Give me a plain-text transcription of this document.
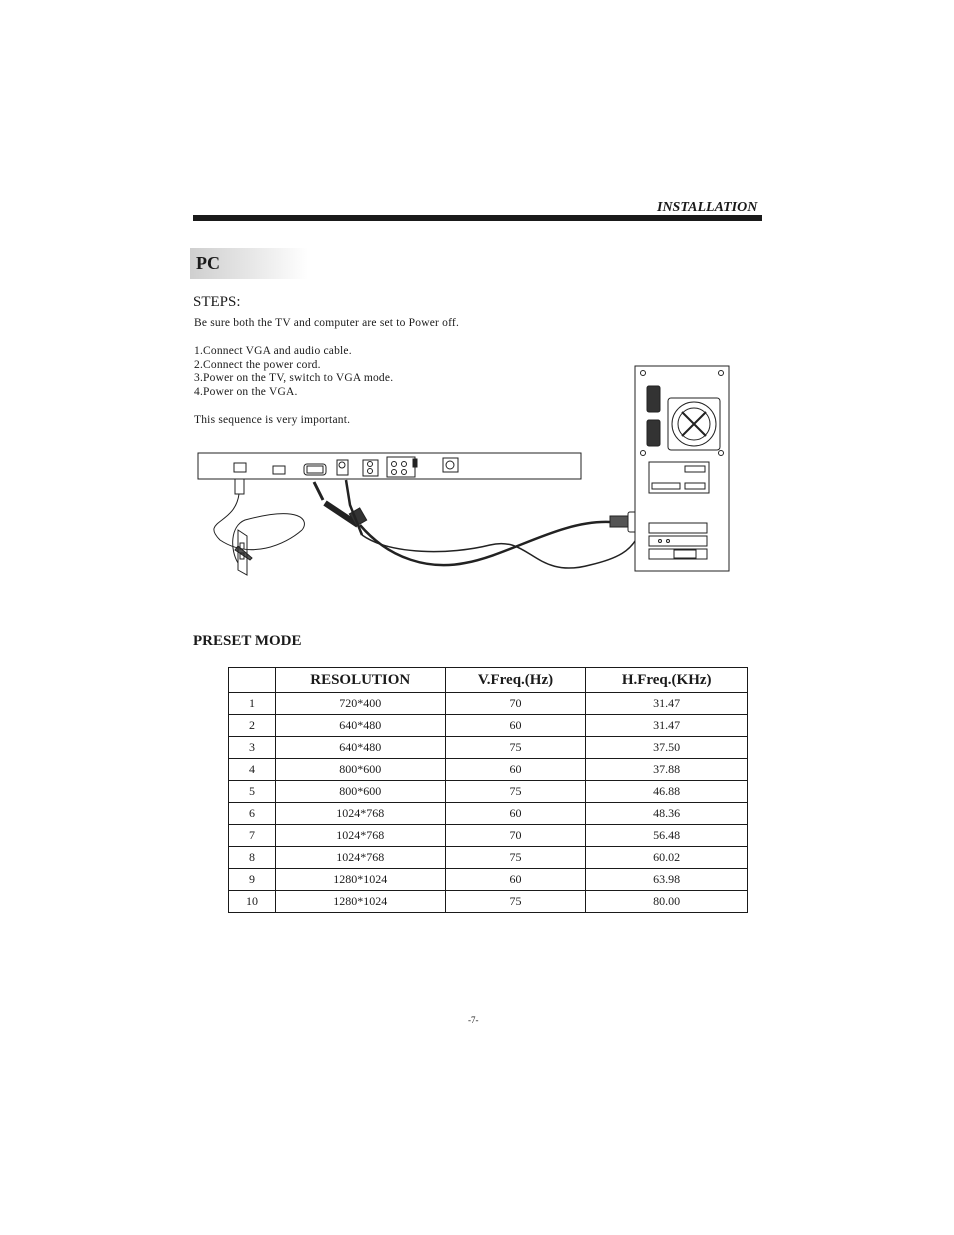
INSTALLATION
PC
STEPS:
Be sure both the TV and computer are set to Power off.
1.Connect VGA and audio cable.
2.Connect the power cord.
3.Power on the TV, switch to VGA mode.
4.Power on the VGA.
This sequence is very important.
PRESET MODE
	RESOLUTION	V.Freq.(Hz)	H.Freq.(KHz)
1	720*400	70	31.47
2	640*480	60	31.47
3	640*480	75	37.50
4	800*600	60	37.88
5	800*600	75	46.88
6	1024*768	60	48.36
7	1024*768	70	56.48
8	1024*768	75	60.02
9	1280*1024	60	63.98
10	1280*1024	75	80.00
-7-
